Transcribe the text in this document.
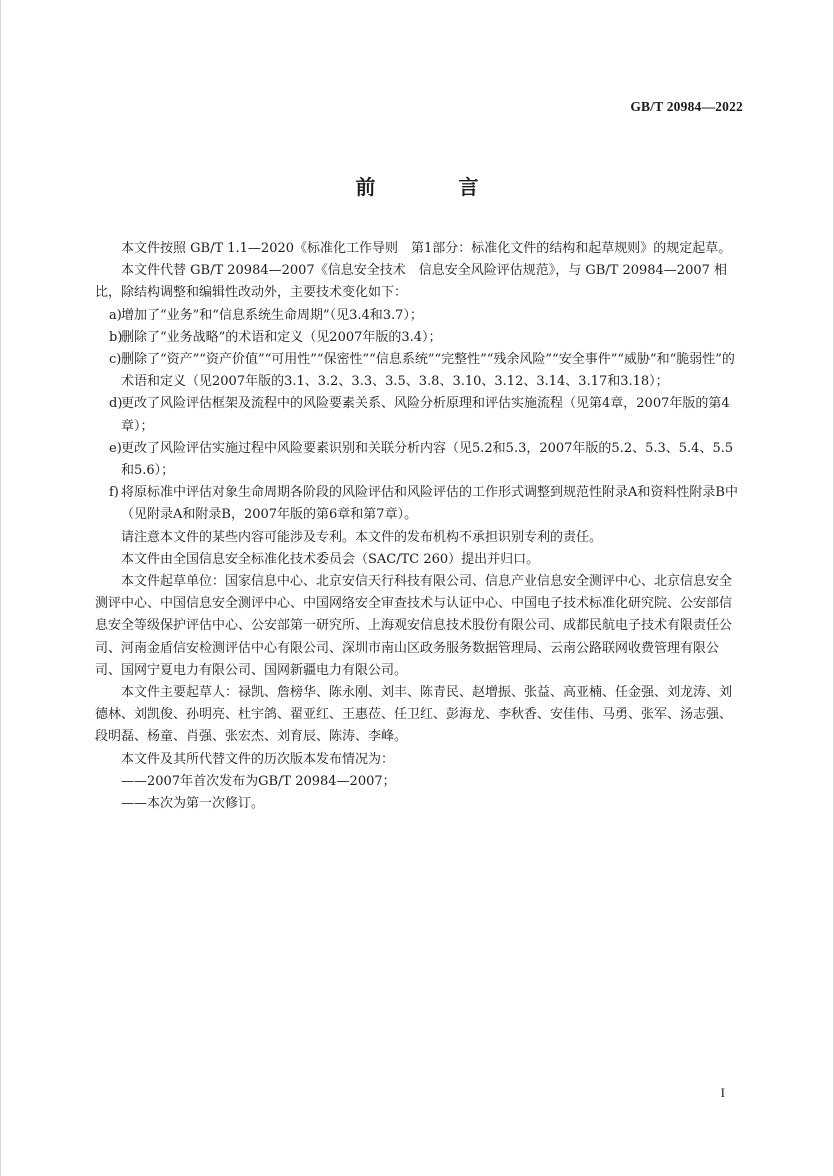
GB/T 20984—2022
前 言

本文件按照 GB/T 1.1—2020《标准化工作导则　第1部分：标准化文件的结构和起草规则》的规定起草。

本文件代替 GB/T 20984—2007《信息安全技术　信息安全风险评估规范》，与 GB/T 20984—2007 相比，除结构调整和编辑性改动外，主要技术变化如下：

a) 增加了“业务”和“信息系统生命周期”（见3.4和3.7）；
b)
删除了“业务战略”的术语和定义（见2007年版的3.4）；
c) 删除了“资产”“资产价值”“可用性”“保密性”“信息系统”“完整性”“残余风险”“安全事件”“威胁”和“脆弱性”的术语和定义（见2007年版的3.1、3.2、3.3、3.5、3.8、3.10、3.12、3.14、3.17和3.18）；
d)
更改了风险评估框架及流程中的风险要素关系、风险分析原理和评估实施流程（见第4章，2007年版的第4章）；
e) 更改了风险评估实施过程中风险要素识别和关联分析内容（见5.2和5.3，2007年版的5.2、5.3、5.4、5.5和5.6）；
f) 将原标准中评估对象生命周期各阶段的风险评估和风险评估的工作形式调整到规范性附录A和资料性附录B中（见附录A和附录B，2007年版的第6章和第7章）。

请注意本文件的某些内容可能涉及专利。本文件的发布机构不承担识别专利的责任。

本文件由全国信息安全标准化技术委员会（SAC/TC 260）提出并归口。

本文件起草单位：国家信息中心、北京安信天行科技有限公司、信息产业信息安全测评中心、北京信息安全测评中心、中国信息安全测评中心、中国网络安全审查技术与认证中心、中国电子技术标准化研究院、公安部信息安全等级保护评估中心、公安部第一研究所、上海观安信息技术股份有限公司、成都民航电子技术有限责任公司、河南金盾信安检测评估中心有限公司、深圳市南山区政务服务数据管理局、云南公路联网收费管理有限公司、国网宁夏电力有限公司、国网新疆电力有限公司。

本文件主要起草人：禄凯、詹榜华、陈永刚、刘丰、陈青民、赵增振、张益、高亚楠、任金强、刘龙涛、刘德林、刘凯俊、孙明亮、杜宇鸽、翟亚红、王惠莅、任卫红、彭海龙、李秋香、安佳伟、马勇、张军、汤志强、段明磊、杨童、肖强、张宏杰、刘育辰、陈涛、李峰。

本文件及其所代替文件的历次版本发布情况为：

——2007年首次发布为GB/T 20984—2007；

——本次为第一次修订。

I
